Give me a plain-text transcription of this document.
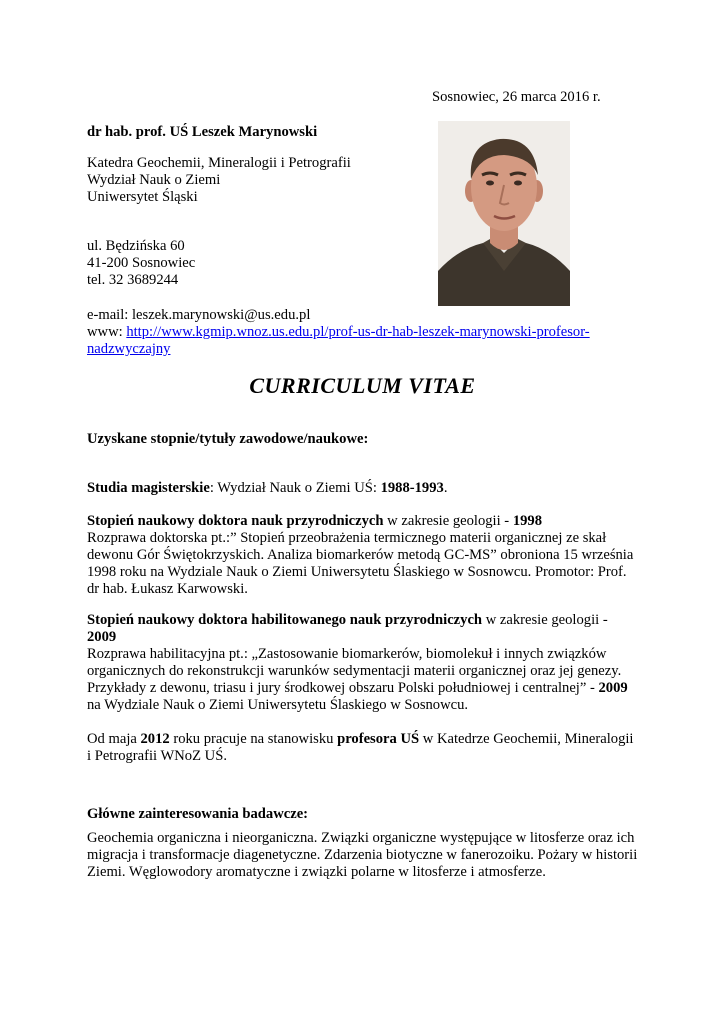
Sosnowiec, 26 marca 2016 r.

dr hab. prof. UŚ Leszek Marynowski

Katedra Geochemii, Mineralogii i Petrografii
Wydział Nauk o Ziemi
Uniwersytet Śląski
ul. Będzińska 60
41-200 Sosnowiec
tel. 32 3689244
e-mail: leszek.marynowski@us.edu.pl
www: http://www.kgmip.wnoz.us.edu.pl/prof-us-dr-hab-leszek-marynowski-profesor-
nadzwyczajny
CURRICULUM VITAE

Uzyskane stopnie/tytuły zawodowe/naukowe:

Studia magisterskie: Wydział Nauk o Ziemi UŚ: 1988-1993.

Stopień naukowy doktora nauk przyrodniczych w zakresie geologii - 1998
Rozprawa doktorska pt.:” Stopień przeobrażenia termicznego materii organicznej ze skał
dewonu Gór Świętokrzyskich. Analiza biomarkerów metodą GC-MS” obroniona 15 września
1998 roku na Wydziale Nauk o Ziemi Uniwersytetu Ślaskiego w Sosnowcu. Promotor: Prof.
dr hab. Łukasz Karwowski.
Stopień naukowy doktora habilitowanego nauk przyrodniczych w zakresie geologii -
2009
Rozprawa habilitacyjna pt.: „Zastosowanie biomarkerów, biomolekuł i innych związków
organicznych do rekonstrukcji warunków sedymentacji materii organicznej oraz jej genezy.
Przykłady z dewonu, triasu i jury środkowej obszaru Polski południowej i centralnej” - 2009
na Wydziale Nauk o Ziemi Uniwersytetu Ślaskiego w Sosnowcu.
Od maja 2012 roku pracuje na stanowisku profesora UŚ w Katedrze Geochemii, Mineralogii
i Petrografii WNoZ UŚ.

Główne zainteresowania badawcze:

Geochemia organiczna i nieorganiczna. Związki organiczne występujące w litosferze oraz ich
migracja i transformacje diagenetyczne. Zdarzenia biotyczne w fanerozoiku. Pożary w historii
Ziemi. Węglowodory aromatyczne i związki polarne w litosferze i atmosferze.
